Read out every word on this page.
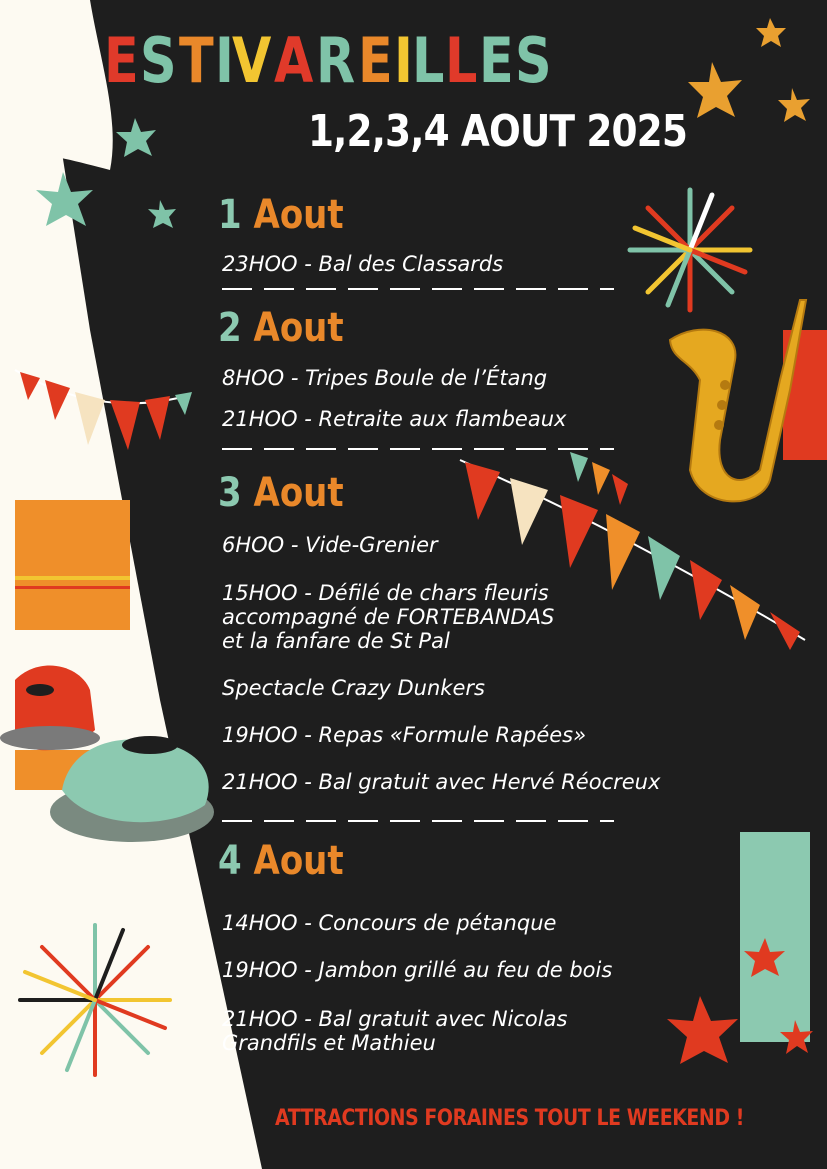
ESTIVAREILLES
1,2,3,4 AOUT 2025
1 Aout
23HOO - Bal des Classards
2 Aout
8HOO - Tripes Boule de l’Étang
21HOO - Retraite aux flambeaux
3 Aout
6HOO - Vide-Grenier
15HOO - Défilé de chars fleuris
accompagné de FORTEBANDAS
et la fanfare de St Pal
Spectacle Crazy Dunkers
19HOO - Repas «Formule Rapées»
21HOO - Bal gratuit avec Hervé Réocreux
4 Aout
14HOO - Concours de pétanque
19HOO - Jambon grillé au feu de bois
21HOO - Bal gratuit avec Nicolas
Grandfils et Mathieu
ATTRACTIONS FORAINES TOUT LE WEEKEND !
